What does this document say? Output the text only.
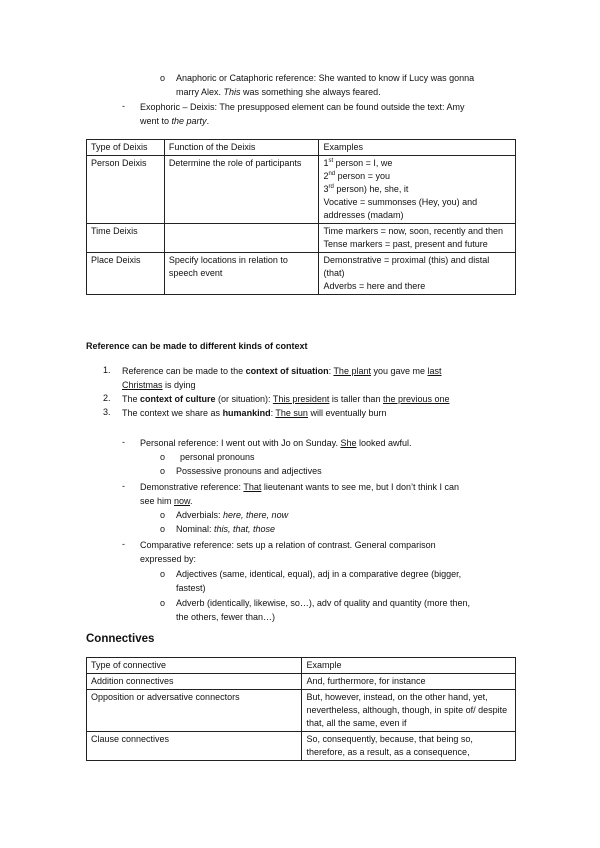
o Anaphoric or Cataphoric reference: She wanted to know if Lucy was gonna
marry Alex. This was something she always feared.
- Exophoric – Deixis: The presupposed element can be found outside the text: Amy
went to the party.
Type of Deixis	Function of the Deixis	Examples
Person Deixis	Determine the role of participants	1st person = I, we
2nd person = you
3rd person) he, she, it
Vocative = summonses (Hey, you) and addresses (madam)

Time Deixis		Time markers = now, soon, recently and then
Tense markers = past, present and future

Place Deixis	Specify locations in relation to speech event	Demonstrative = proximal (this) and distal (that)
Adverbs = here and there
Reference can be made to different kinds of context
1. Reference can be made to the context of situation: The plant you gave me last
Christmas is dying
2. The context of culture (or situation): This president is taller than the previous one
3. The context we share as humankind: The sun will eventually burn
- Personal reference: I went out with Jo on Sunday. She looked awful.
o personal pronouns
o Possessive pronouns and adjectives
- Demonstrative reference: That lieutenant wants to see me, but I don’t think I can
see him now.
o Adverbials: here, there, now
o Nominal: this, that, those
- Comparative reference: sets up a relation of contrast. General comparison
expressed by:
o Adjectives (same, identical, equal), adj in a comparative degree (bigger,
fastest)
o Adverb (identically, likewise, so…), adv of quality and quantity (more then,
the others, fewer than…)
Connectives
Type of connective	Example
Addition connectives	And, furthermore, for instance
Opposition or adversative connectors	But, however, instead, on the other hand, yet, nevertheless, although, though, in spite of/ despite that, all the same, even if
Clause connectives	So, consequently, because, that being so, therefore, as a result, as a consequence,
